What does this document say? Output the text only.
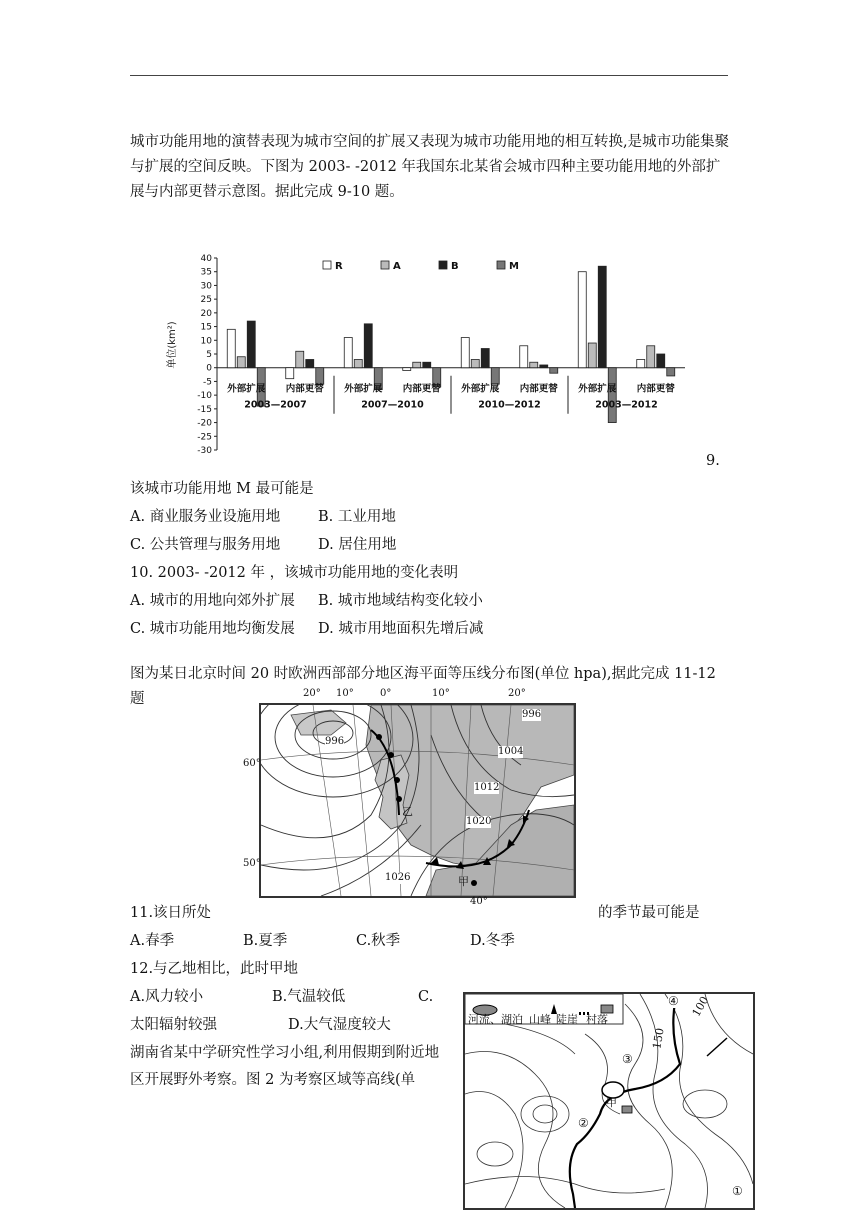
城市功能用地的演替表现为城市空间的扩展又表现为城市功能用地的相互转换,是城市功能集聚与扩展的空间反映。下图为 2003- -2012 年我国东北某省会城市四种主要功能用地的外部扩展与内部更替示意图。据此完成 9-10 题。
40
35
30
25
20
15
10
5
0
-5
-10
-15
-20
-25
-30
单位(km²)
R	A	B	M
外部扩展 内部更替 外部扩展 内部更替 外部扩展 内部更替 外部扩展 内部更替
2003—2007	2007—2010	2010—2012	2003—2012
9.
该城市功能用地 M 最可能是
A. 商业服务业设施用地	B. 工业用地
C. 公共管理与服务用地	D. 居住用地
10. 2003- -2012 年 ，该城市功能用地的变化表明
A. 城市的用地向郊外扩展 B. 城市地域结构变化较小
C. 城市功能用地均衡发展 D. 城市用地面积先增后减
图为某日北京时间 20 时欧洲西部部分地区海平面等压线分布图(单位 hpa),据此完成 11-12 题	20° 10°	0°	10°	20°
60°
50°
40°
996
996
1004
1012
1020
1026	甲
乙
11.该日所处	的季节最可能是
A.春季	B.夏季	C.秋季	D.冬季
12.与乙地相比，此时甲地
A.风力较小	B.气温较低	C.
太阳辐射较强	D.大气湿度较大
湖南省某中学研究性学习小组,利用假期到附近地区开展野外考察。图 2 为考察区域等高线(单
河流、湖泊 山峰 陡崖 村落
100
150
①
②
③
④
甲
